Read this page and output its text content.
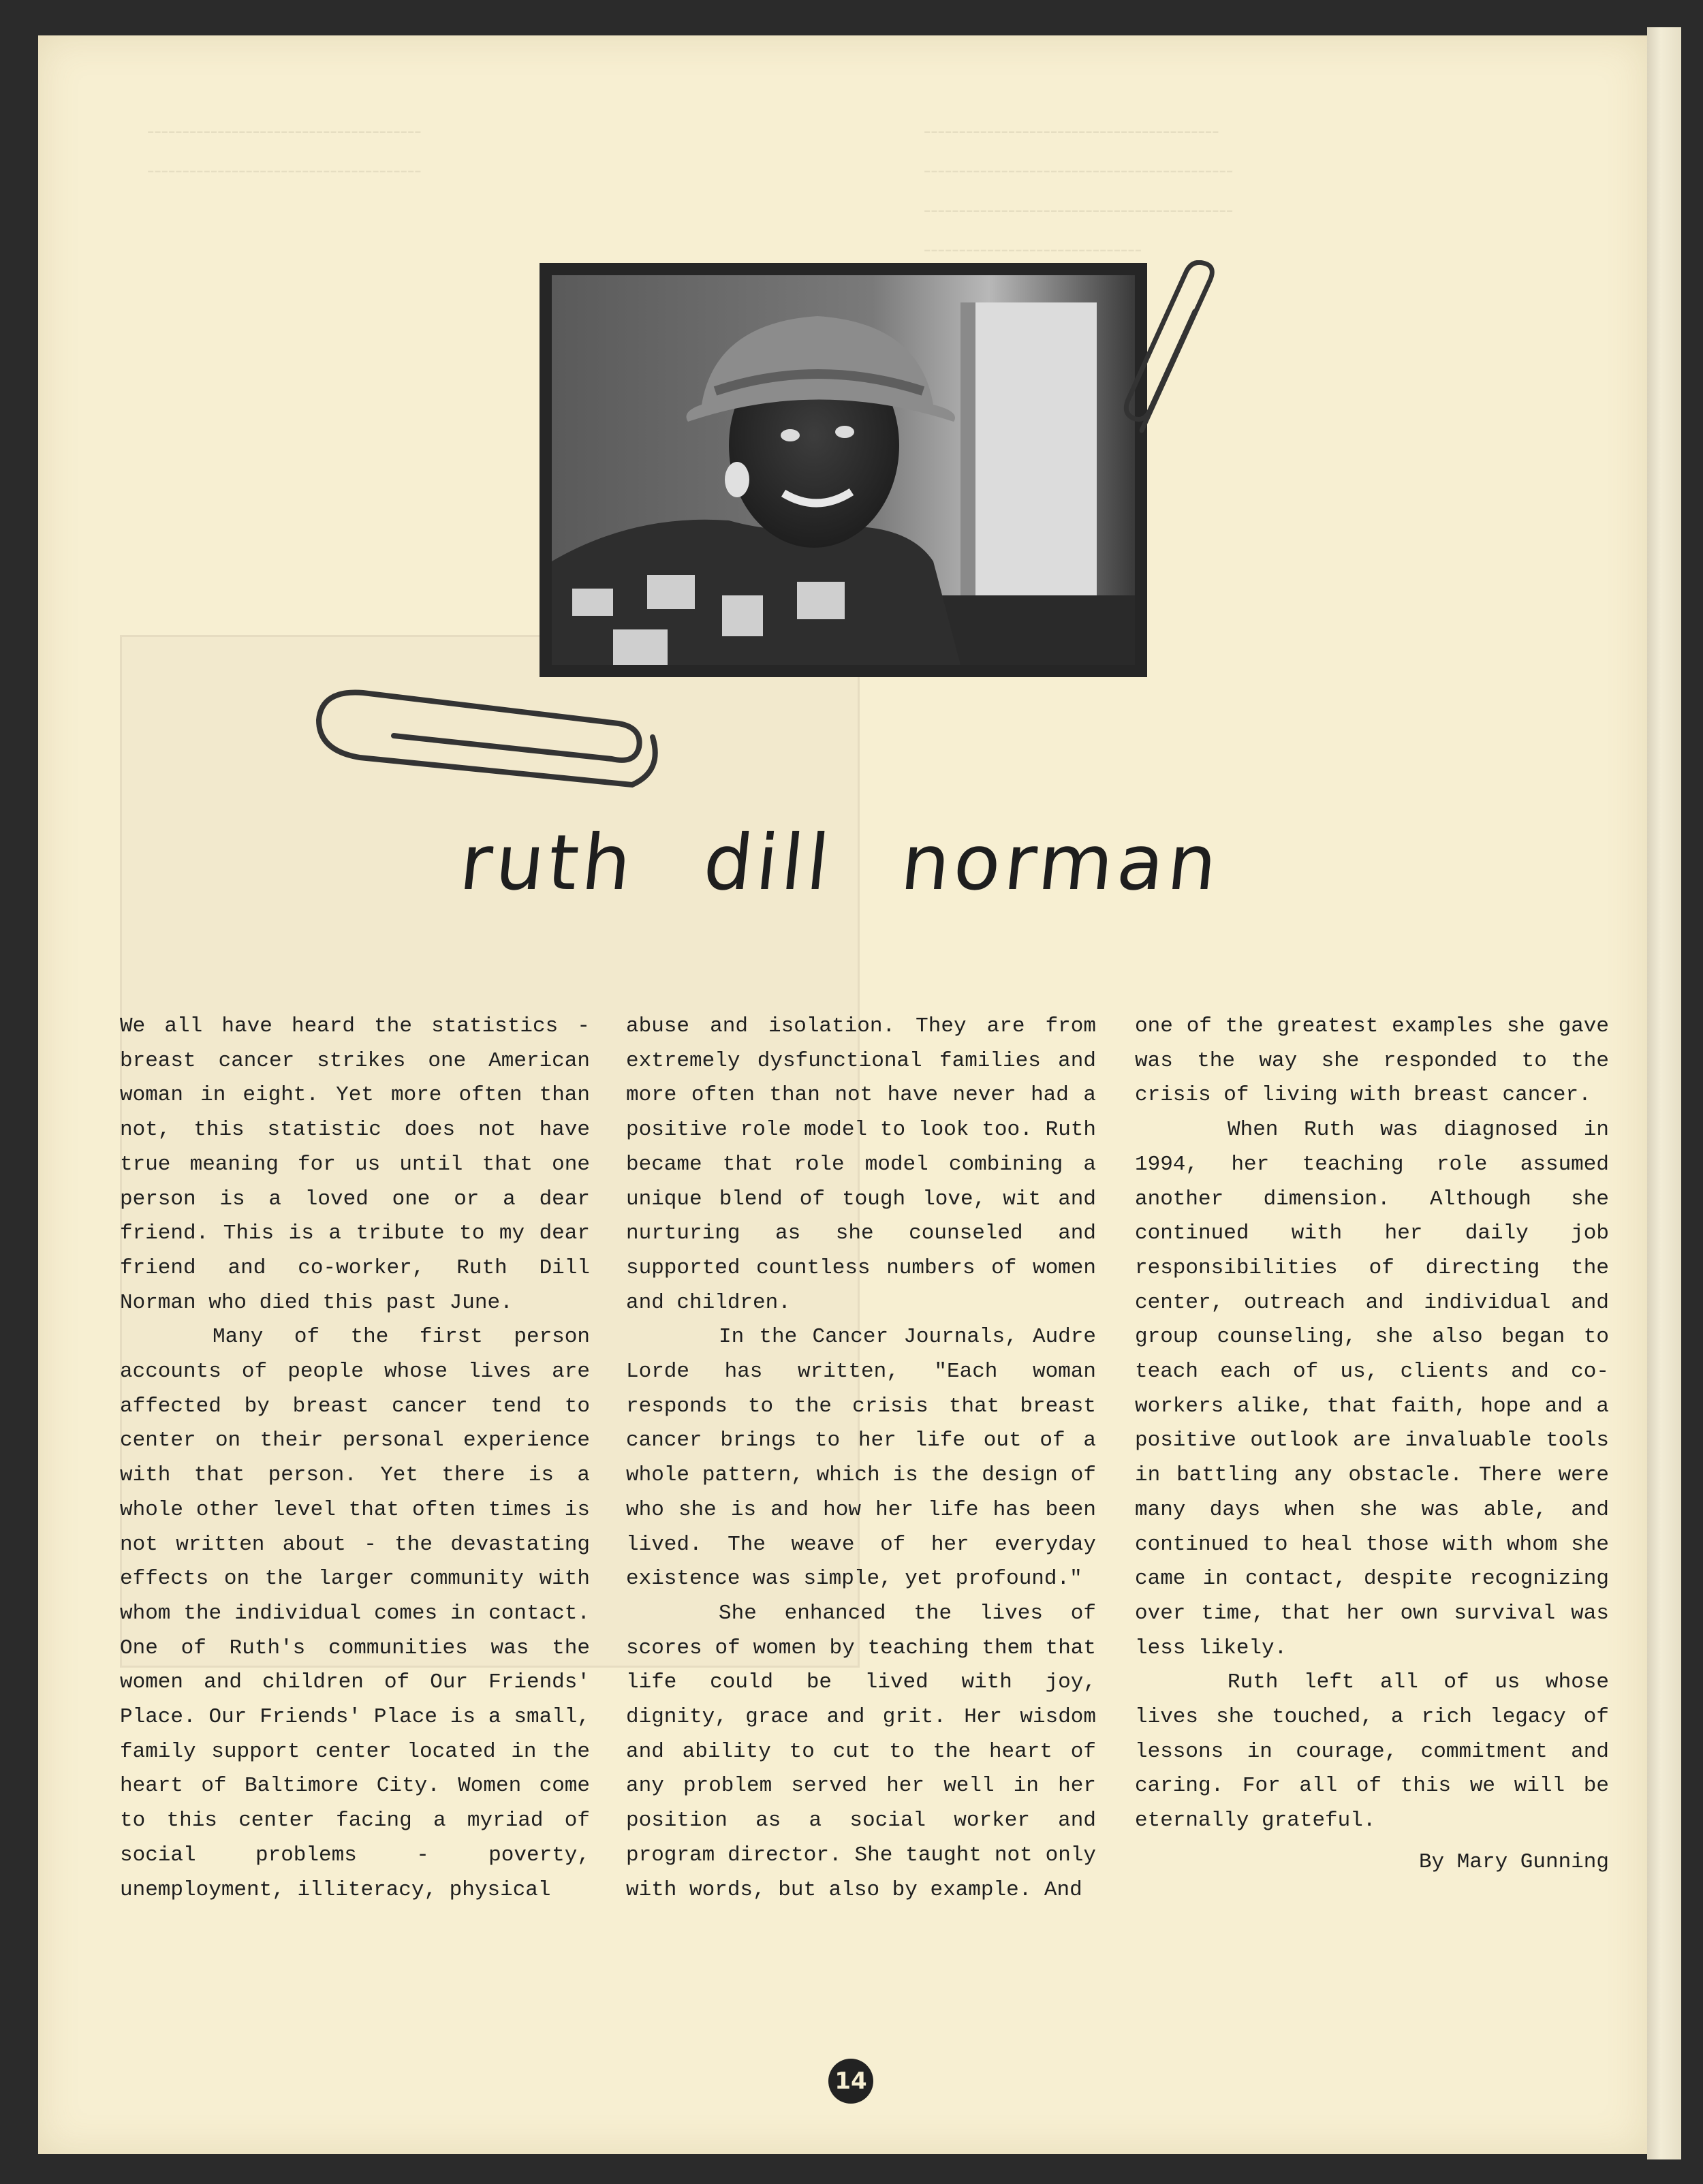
------------------------------------------
--------------------------------------------
--------------------------------------------
-------------------------------
---------------------------------------
---------------------------------------
ruth dill norman

We all have heard the statistics - breast cancer strikes one American woman in eight. Yet more often than not, this statistic does not have true meaning for us until that one person is a loved one or a dear friend. This is a tribute to my dear friend and co-worker, Ruth Dill Norman who died this past June.

Many of the first person accounts of people whose lives are affected by breast cancer tend to center on their personal experience with that person. Yet there is a whole other level that often times is not written about - the devastating effects on the larger community with whom the individual comes in contact. One of Ruth's communities was the women and children of Our Friends' Place. Our Friends' Place is a small, family support center located in the heart of Baltimore City. Women come to this center facing a myriad of social problems - poverty, unemployment, illiteracy, physical

abuse and isolation. They are from extremely dysfunctional families and more often than not have never had a positive role model to look too. Ruth became that role model combining a unique blend of tough love, wit and nurturing as she counseled and supported countless numbers of women and children.

In the Cancer Journals, Audre Lorde has written, "Each woman responds to the crisis that breast cancer brings to her life out of a whole pattern, which is the design of who she is and how her life has been lived. The weave of her everyday existence was simple, yet profound."

She enhanced the lives of scores of women by teaching them that life could be lived with joy, dignity, grace and grit. Her wisdom and ability to cut to the heart of any problem served her well in her position as a social worker and program director. She taught not only with words, but also by example. And

one of the greatest examples she gave was the way she responded to the crisis of living with breast cancer.

When Ruth was diagnosed in 1994, her teaching role assumed another dimension. Although she continued with her daily job responsibilities of directing the center, outreach and individual and group counseling, she also began to teach each of us, clients and co-workers alike, that faith, hope and a positive outlook are invaluable tools in battling any obstacle. There were many days when she was able, and continued to heal those with whom she came in contact, despite recognizing over time, that her own survival was less likely.

Ruth left all of us whose lives she touched, a rich legacy of lessons in courage, commitment and caring. For all of this we will be eternally grateful.

By Mary Gunning

14
